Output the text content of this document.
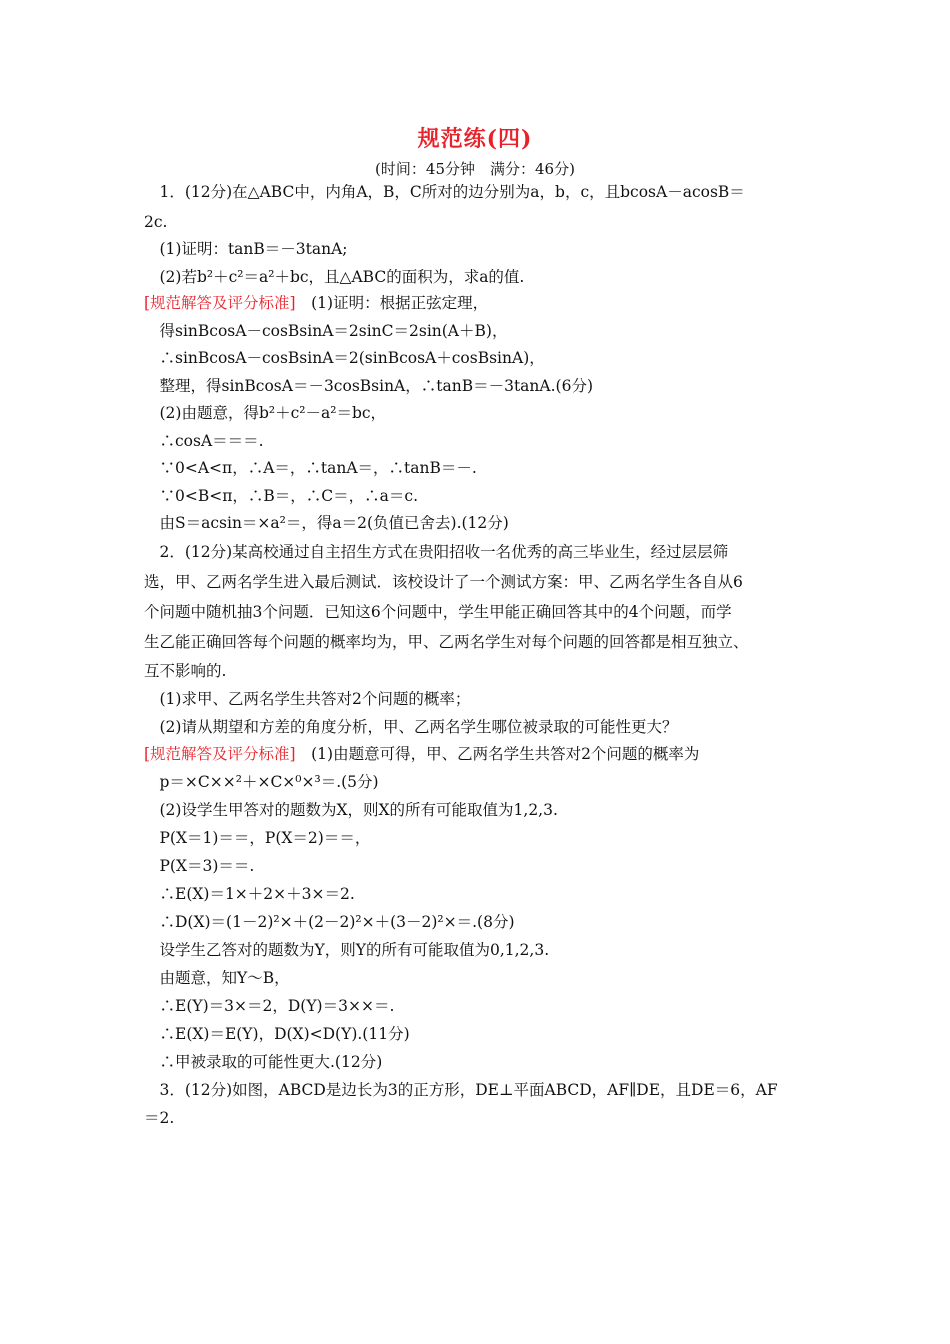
规范练(四)
(时间：45分钟　满分：46分)
　1．(12分)在△ABC中，内角A，B，C所对的边分别为a，b，c，且bcosA－acosB＝
2c.
　(1)证明：tanB＝－3tanA;
　(2)若b²＋c²＝a²＋bc，且△ABC的面积为，求a的值.
[规范解答及评分标准]　(1)证明：根据正弦定理，
　得sinBcosA－cosBsinA＝2sinC＝2sin(A＋B)，
　∴sinBcosA－cosBsinA＝2(sinBcosA＋cosBsinA)，
　整理，得sinBcosA＝－3cosBsinA，∴tanB＝－3tanA.(6分)
　(2)由题意，得b²＋c²－a²＝bc，
　∴cosA＝＝＝.
　∵0<A<π，∴A＝，∴tanA＝，∴tanB＝－.
　∵0<B<π，∴B＝，∴C＝，∴a＝c.
　由S＝acsin＝×a²＝，得a＝2(负值已舍去).(12分)
　2．(12分)某高校通过自主招生方式在贵阳招收一名优秀的高三毕业生，经过层层筛
选，甲、乙两名学生进入最后测试．该校设计了一个测试方案：甲、乙两名学生各自从6
个问题中随机抽3个问题．已知这6个问题中，学生甲能正确回答其中的4个问题，而学
生乙能正确回答每个问题的概率均为，甲、乙两名学生对每个问题的回答都是相互独立、
互不影响的.
　(1)求甲、乙两名学生共答对2个问题的概率；
　(2)请从期望和方差的角度分析，甲、乙两名学生哪位被录取的可能性更大？
[规范解答及评分标准]　(1)由题意可得，甲、乙两名学生共答对2个问题的概率为
　p＝×C××²＋×C×⁰×³＝.(5分)
　(2)设学生甲答对的题数为X，则X的所有可能取值为1,2,3.
　P(X＝1)＝＝，P(X＝2)＝＝，
　P(X＝3)＝＝.
　∴E(X)＝1×＋2×＋3×＝2.
　∴D(X)＝(1－2)²×＋(2－2)²×＋(3－2)²×＝.(8分)
　设学生乙答对的题数为Y，则Y的所有可能取值为0,1,2,3.
　由题意，知Y～B，
　∴E(Y)＝3×＝2，D(Y)＝3××＝.
　∴E(X)＝E(Y)，D(X)<D(Y).(11分)
　∴甲被录取的可能性更大.(12分)
　3．(12分)如图，ABCD是边长为3的正方形，DE⊥平面ABCD，AF∥DE，且DE＝6，AF
＝2.
